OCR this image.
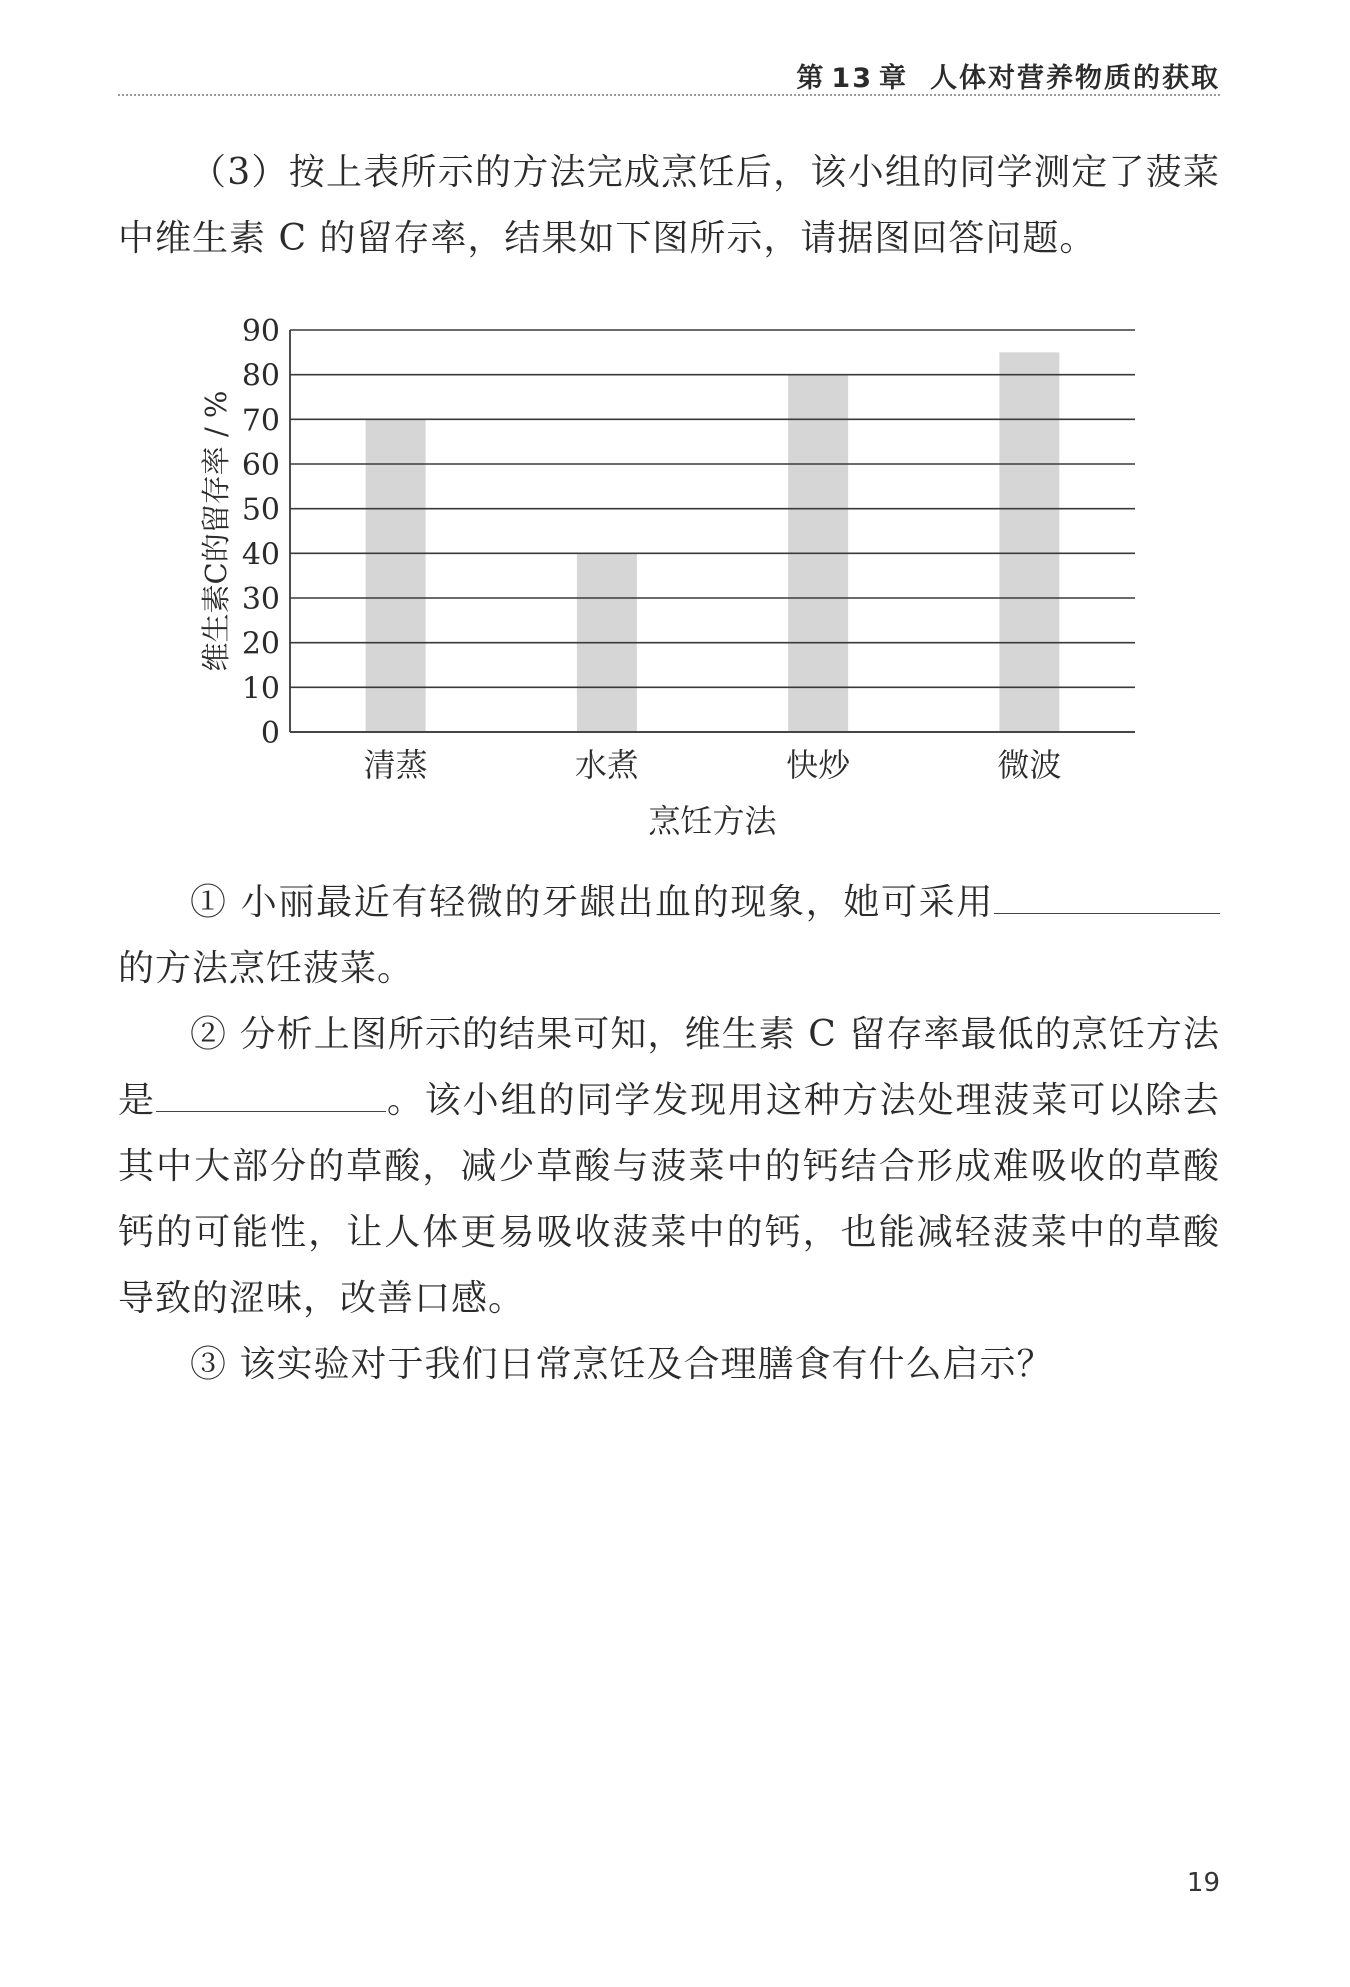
第 13 章 人体对营养物质的获取

（3）按上表所示的方法完成烹饪后，该小组的同学测定了菠菜中维生素 C 的留存率，结果如下图所示，请据图回答问题。

0
10
20
30
40
50
60
70
80
90
清蒸	水煮	快炒	微波
烹饪方法
维生素C的留存率 / %

① 小丽最近有轻微的牙龈出血的现象，她可采用的方法烹饪菠菜。

② 分析上图所示的结果可知，维生素 C 留存率最低的烹饪方法是	。该小组的同学发现用这种方法处理菠菜可以除去其中大部分的草酸，减少草酸与菠菜中的钙结合形成难吸收的草酸钙的可能性，让人体更易吸收菠菜中的钙，也能减轻菠菜中的草酸导致的涩味，改善口感。

③ 该实验对于我们日常烹饪及合理膳食有什么启示？

19
